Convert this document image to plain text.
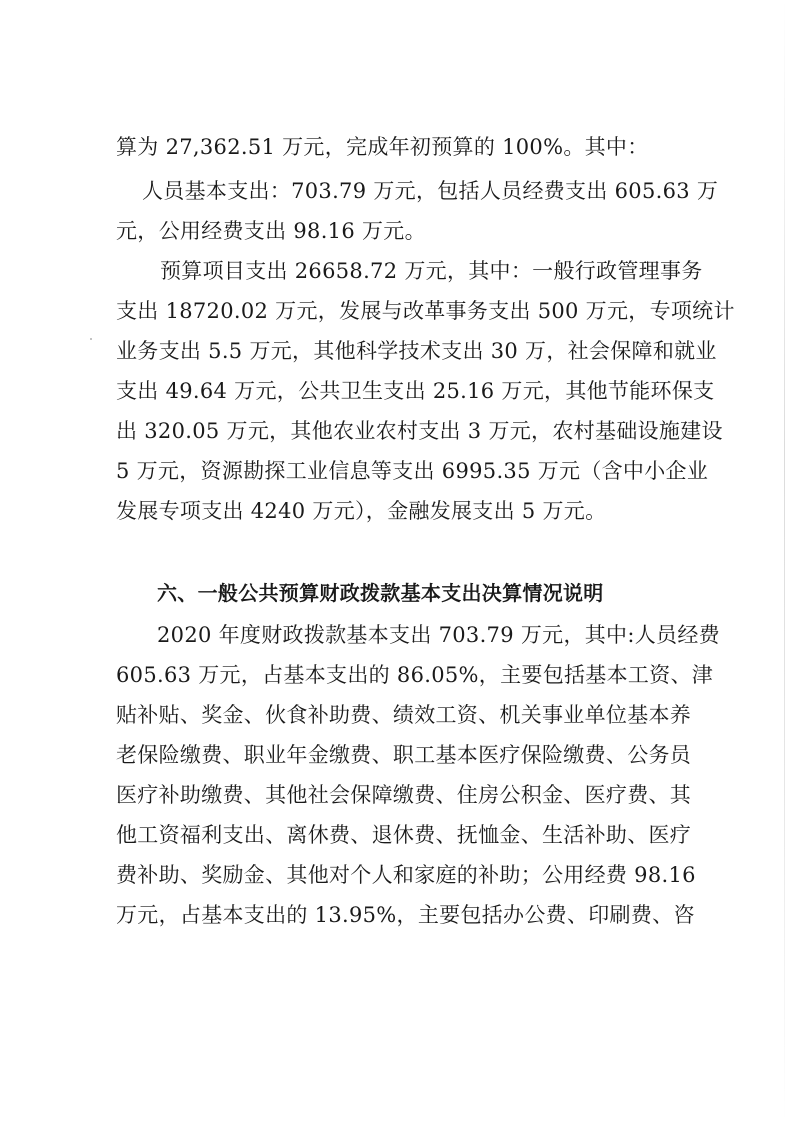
算为 27,362.51 万元，完成年初预算的 100%。其中：
人员基本支出：703.79 万元，包括人员经费支出 605.63 万
元，公用经费支出 98.16 万元。
预算项目支出 26658.72 万元，其中：一般行政管理事务
支出 18720.02 万元，发展与改革事务支出 500 万元，专项统计
业务支出 5.5 万元，其他科学技术支出 30 万，社会保障和就业
支出 49.64 万元，公共卫生支出 25.16 万元，其他节能环保支
出 320.05 万元，其他农业农村支出 3 万元，农村基础设施建设
5 万元，资源勘探工业信息等支出 6995.35 万元（含中小企业
发展专项支出 4240 万元），金融发展支出 5 万元。
六、一般公共预算财政拨款基本支出决算情况说明
2020 年度财政拨款基本支出 703.79 万元，其中:人员经费
605.63 万元，占基本支出的 86.05%，主要包括基本工资、津
贴补贴、奖金、伙食补助费、绩效工资、机关事业单位基本养
老保险缴费、职业年金缴费、职工基本医疗保险缴费、公务员
医疗补助缴费、其他社会保障缴费、住房公积金、医疗费、其
他工资福利支出、离休费、退休费、抚恤金、生活补助、医疗
费补助、奖励金、其他对个人和家庭的补助；公用经费 98.16
万元，占基本支出的 13.95%，主要包括办公费、印刷费、咨
